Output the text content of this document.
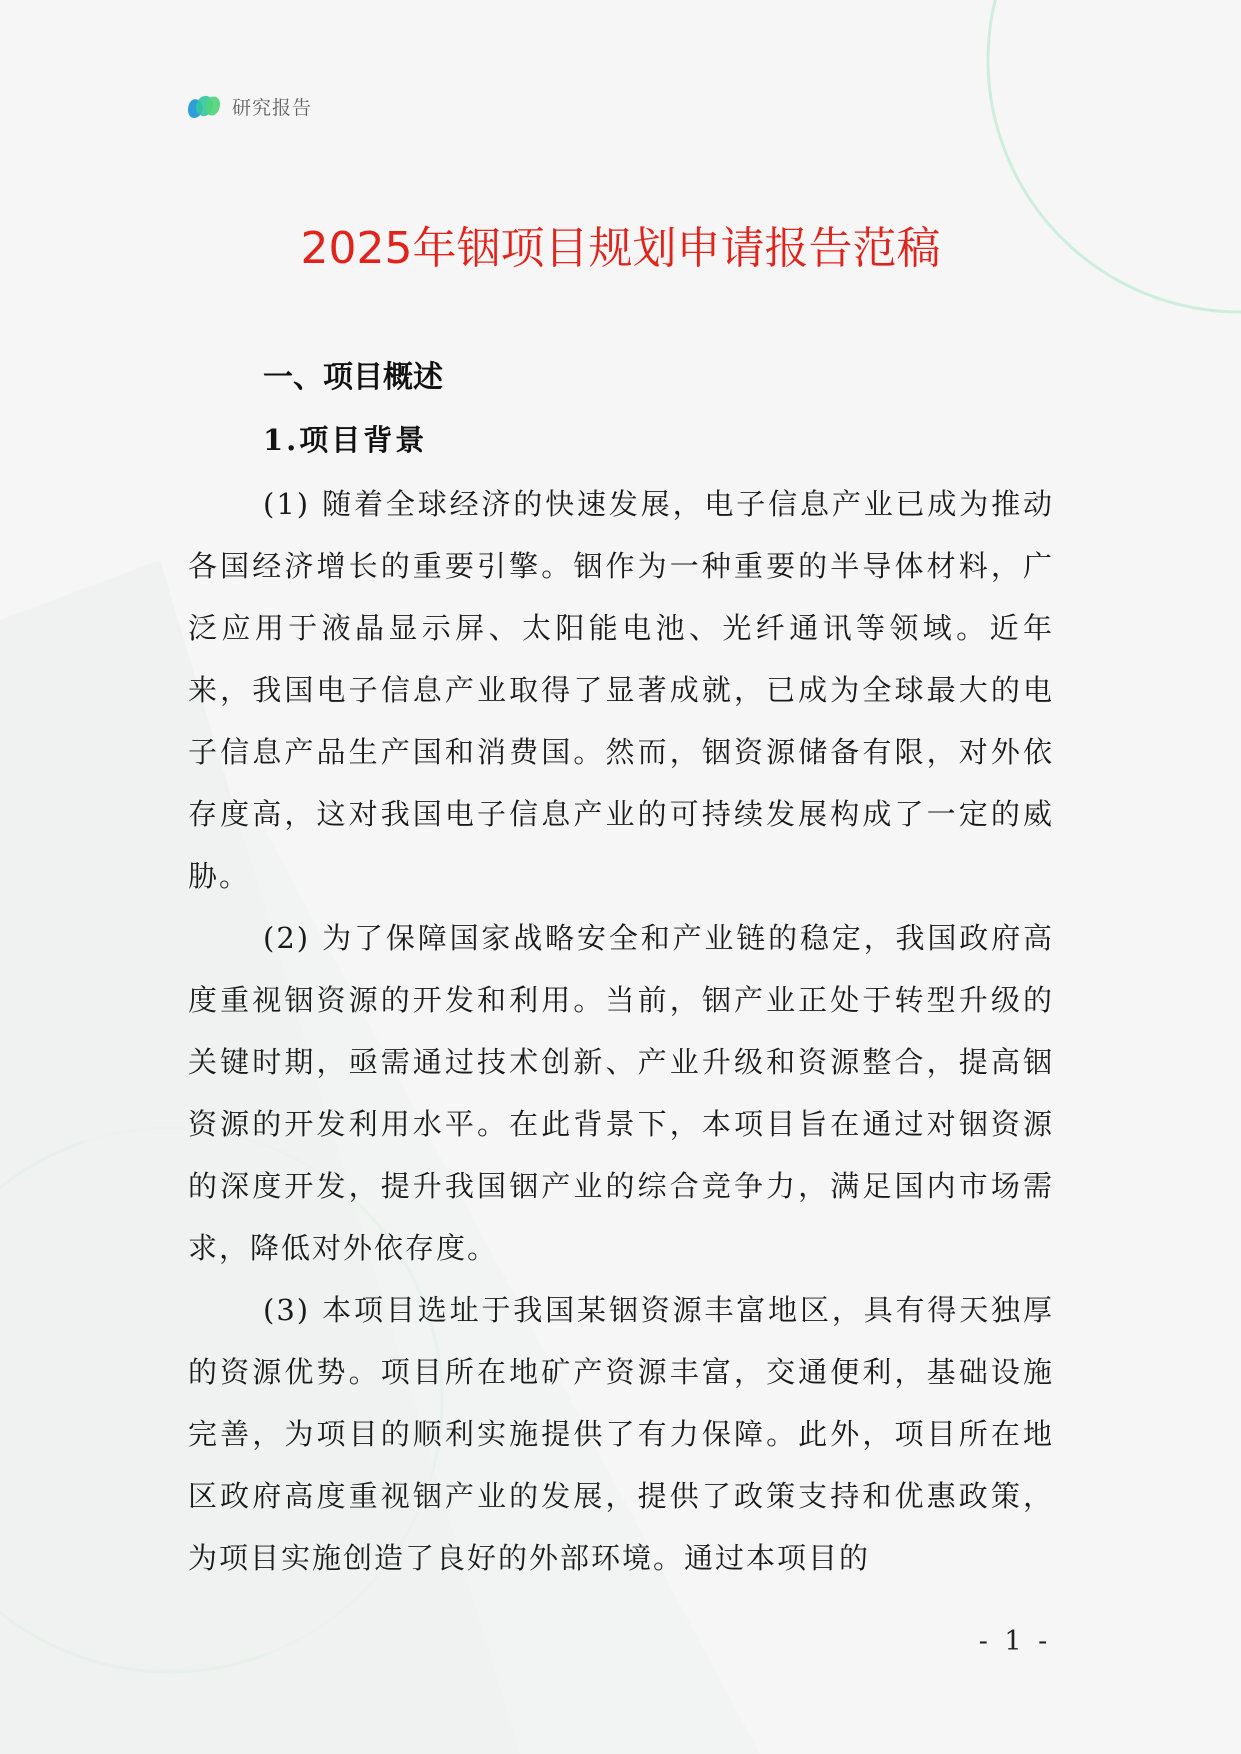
研究报告
2025年铟项目规划申请报告范稿
一、项目概述
1.项目背景

(1) 随着全球经济的快速发展，电子信息产业已成为推动各国经济增长的重要引擎。铟作为一种重要的半导体材料，广泛应用于液晶显示屏、太阳能电池、光纤通讯等领域。近年来，我国电子信息产业取得了显著成就，已成为全球最大的电子信息产品生产国和消费国。然而，铟资源储备有限，对外依存度高，这对我国电子信息产业的可持续发展构成了一定的威胁。

(2) 为了保障国家战略安全和产业链的稳定，我国政府高度重视铟资源的开发和利用。当前，铟产业正处于转型升级的关键时期，亟需通过技术创新、产业升级和资源整合，提高铟资源的开发利用水平。在此背景下，本项目旨在通过对铟资源的深度开发，提升我国铟产业的综合竞争力，满足国内市场需求，降低对外依存度。

(3) 本项目选址于我国某铟资源丰富地区，具有得天独厚的资源优势。项目所在地矿产资源丰富，交通便利，基础设施完善，为项目的顺利实施提供了有力保障。此外，项目所在地区政府高度重视铟产业的发展，提供了政策支持和优惠政策，为项目实施创造了良好的外部环境。通过本项目的

- 1 -
